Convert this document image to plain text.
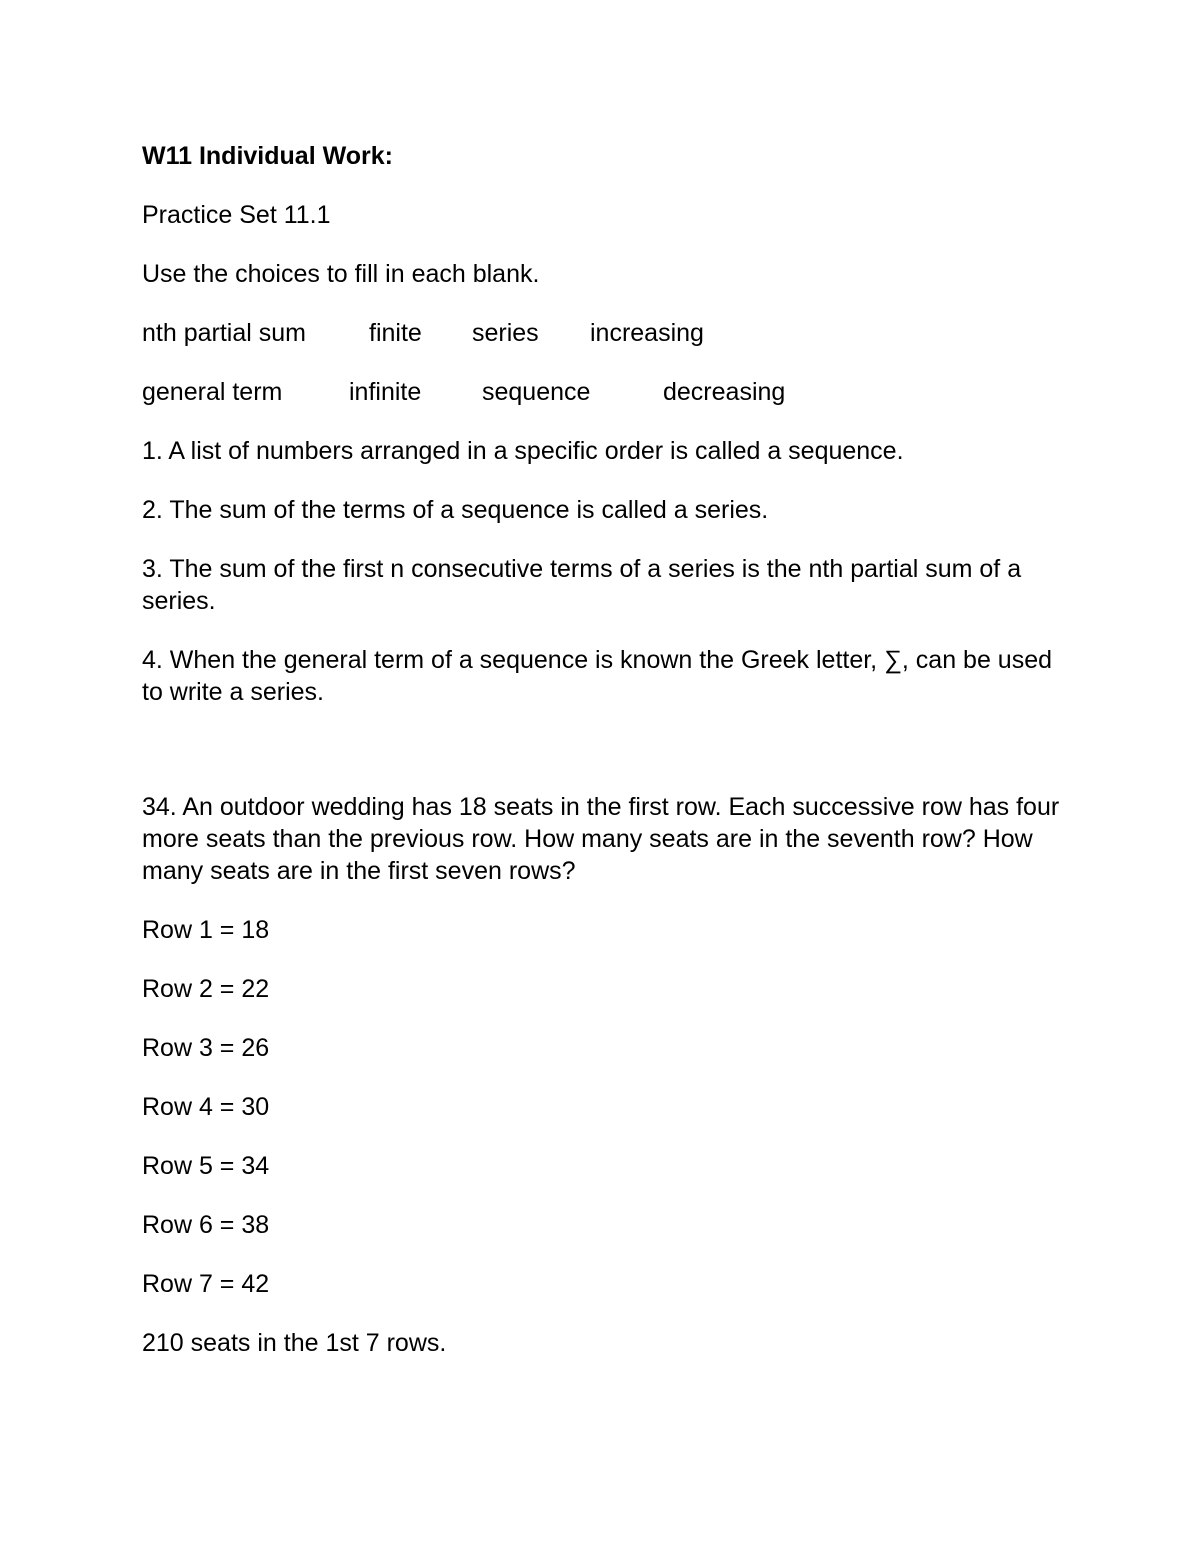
W11 Individual Work:
Practice Set 11.1
Use the choices to fill in each blank.
nth partial sum	finite series increasing
general term	infinite sequence	decreasing
1. A list of numbers arranged in a specific order is called a sequence.
2. The sum of the terms of a sequence is called a series.
3. The sum of the first n consecutive terms of a series is the nth partial sum of a series.
4. When the general term of a sequence is known the Greek letter, ∑, can be used to write a series.
34. An outdoor wedding has 18 seats in the first row. Each successive row has four more seats than the previous row. How many seats are in the seventh row? How many seats are in the first seven rows?
Row 1 = 18
Row 2 = 22
Row 3 = 26
Row 4 = 30
Row 5 = 34
Row 6 = 38
Row 7 = 42
210 seats in the 1st 7 rows.
